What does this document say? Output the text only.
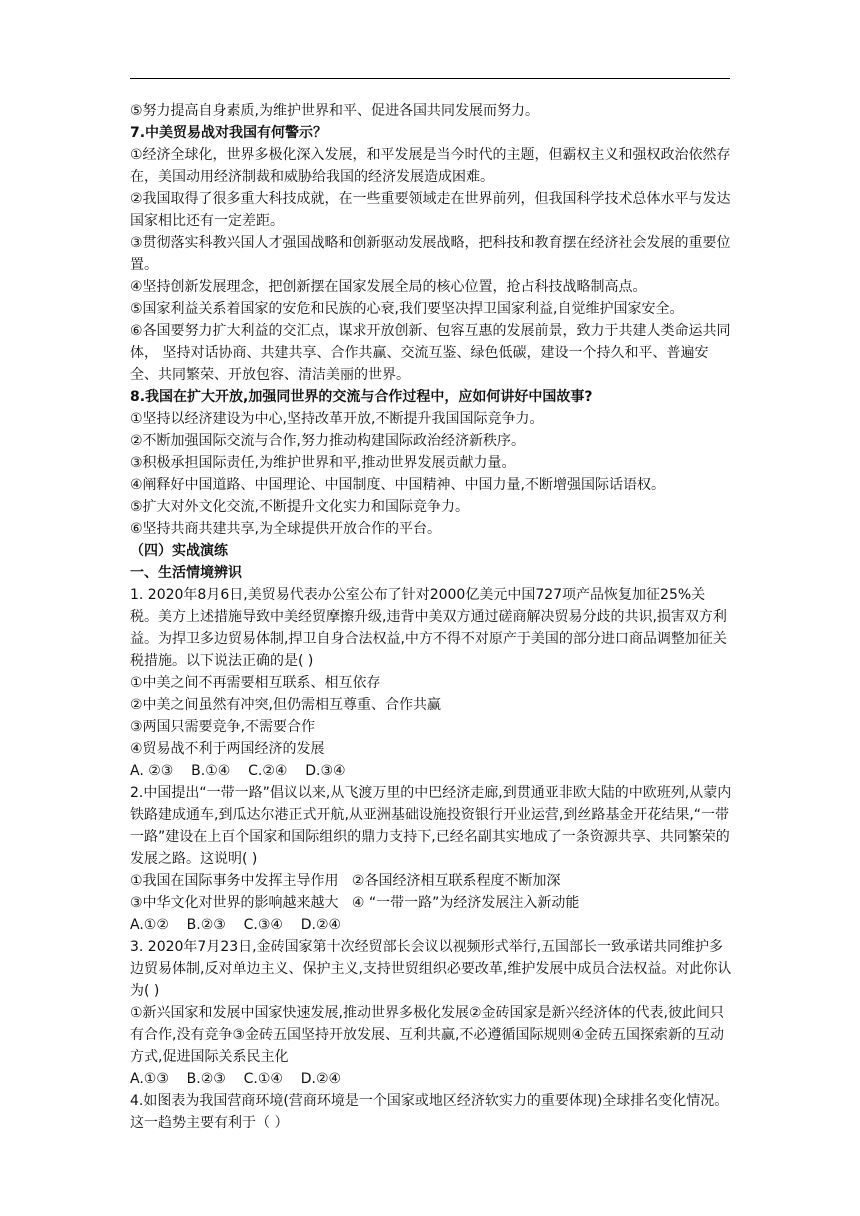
⑤努力提高自身素质,为维护世界和平、促进各国共同发展而努力。

7.中美贸易战对我国有何警示？

①经济全球化，世界多极化深入发展，和平发展是当今时代的主题，但霸权主义和强权政治依然存在，美国动用经济制裁和威胁给我国的经济发展造成困难。

②我国取得了很多重大科技成就，在一些重要领域走在世界前列，但我国科学技术总体水平与发达国家相比还有一定差距。

③贯彻落实科教兴国人才强国战略和创新驱动发展战略，把科技和教育摆在经济社会发展的重要位置。

④坚持创新发展理念，把创新摆在国家发展全局的核心位置，抢占科技战略制高点。

⑤国家利益关系着国家的安危和民族的心衰,我们要坚决捍卫国家利益,自觉维护国家安全。

⑥各国要努力扩大利益的交汇点，谋求开放创新、包容互惠的发展前景，致力于共建人类命运共同体， 坚持对话协商、共建共享、合作共赢、交流互鉴、绿色低碳，建设一个持久和平、普遍安全、共同繁荣、开放包容、清洁美丽的世界。

8.我国在扩大开放,加强同世界的交流与合作过程中，应如何讲好中国故事?

①坚持以经济建设为中心,坚持改革开放,不断提升我国国际竞争力。

②不断加强国际交流与合作,努力推动构建国际政治经济新秩序。

③积极承担国际责任,为维护世界和平,推动世界发展贡献力量。

④阐释好中国道路、中国理论、中国制度、中国精神、中国力量,不断增强国际话语权。

⑤扩大对外文化交流,不断提升文化实力和国际竞争力。

⑥坚持共商共建共享,为全球提供开放合作的平台。

（四）实战演练

一、生活情境辨识

1. 2020年8月6日,美贸易代表办公室公布了针对2000亿美元中国727项产品恢复加征25%关税。美方上述措施导致中美经贸摩擦升级,违背中美双方通过磋商解决贸易分歧的共识,损害双方利益。为捍卫多边贸易体制,捍卫自身合法权益,中方不得不对原产于美国的部分进口商品调整加征关税措施。以下说法正确的是( )

①中美之间不再需要相互联系、相互依存

②中美之间虽然有冲突,但仍需相互尊重、合作共赢

③两国只需要竞争,不需要合作

④贸易战不利于两国经济的发展

A. ②③    B.①④    C.②④    D.③④

2.中国提出“一带一路”倡议以来,从飞渡万里的中巴经济走廊,到贯通亚非欧大陆的中欧班列,从蒙内铁路建成通车,到瓜达尔港正式开航,从亚洲基础设施投资银行开业运营,到丝路基金开花结果,“一带一路”建设在上百个国家和国际组织的鼎力支持下,已经名副其实地成了一条资源共享、共同繁荣的发展之路。这说明( )

①我国在国际事务中发挥主导作用   ②各国经济相互联系程度不断加深

③中华文化对世界的影响越来越大   ④ “一带一路”为经济发展注入新动能

A.①②    B.②③    C.③④    D.②④

3. 2020年7月23日,金砖国家第十次经贸部长会议以视频形式举行,五国部长一致承诺共同维护多边贸易体制,反对单边主义、保护主义,支持世贸组织必要改革,维护发展中成员合法权益。对此你认为( )

①新兴国家和发展中国家快速发展,推动世界多极化发展②金砖国家是新兴经济体的代表,彼此间只有合作,没有竞争③金砖五国坚持开放发展、互利共赢,不必遵循国际规则④金砖五国探索新的互动方式,促进国际关系民主化

A.①③    B.②③    C.①④    D.②④

4.如图表为我国营商环境(营商环境是一个国家或地区经济软实力的重要体现)全球排名变化情况。这一趋势主要有利于（ ）
